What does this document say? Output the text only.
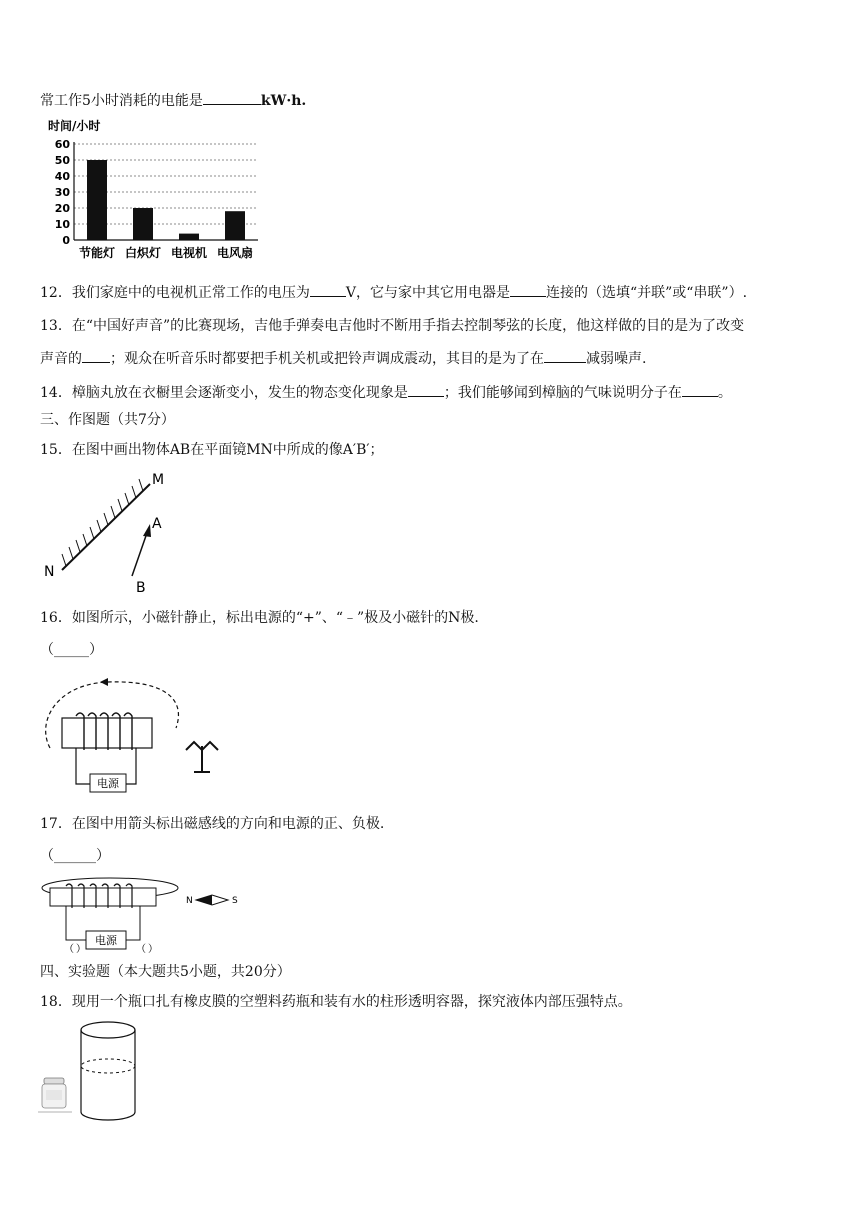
常工作5小时消耗的电能是	kW·h.
时间/小时
0
10
20
30
40
50
60
节能灯 白炽灯 电视机 电风扇
12．我们家庭中的电视机正常工作的电压为	V，它与家中其它用电器是	连接的（选填“并联”或“串联”）.
13．在“中国好声音”的比赛现场，吉他手弹奏电吉他时不断用手指去控制琴弦的长度，他这样做的目的是为了改变
声音的 ；观众在听音乐时都要把手机关机或把铃声调成震动，其目的是为了在	减弱噪声.
14．樟脑丸放在衣橱里会逐渐变小，发生的物态变化现象是	；我们能够闻到樟脑的气味说明分子在	。
三、作图题（共7分）
15．在图中画出物体AB在平面镜MN中所成的像A′B′；
M
N
A
B
16．如图所示，小磁针静止，标出电源的“+”、“﹣”极及小磁针的N极.
（_____）
电源
17．在图中用箭头标出磁感线的方向和电源的正、负极.
（______）
电源
（ ）	（ ）
N	S
四、实验题（本大题共5小题，共20分）
18．现用一个瓶口扎有橡皮膜的空塑料药瓶和装有水的柱形透明容器，探究液体内部压强特点。
